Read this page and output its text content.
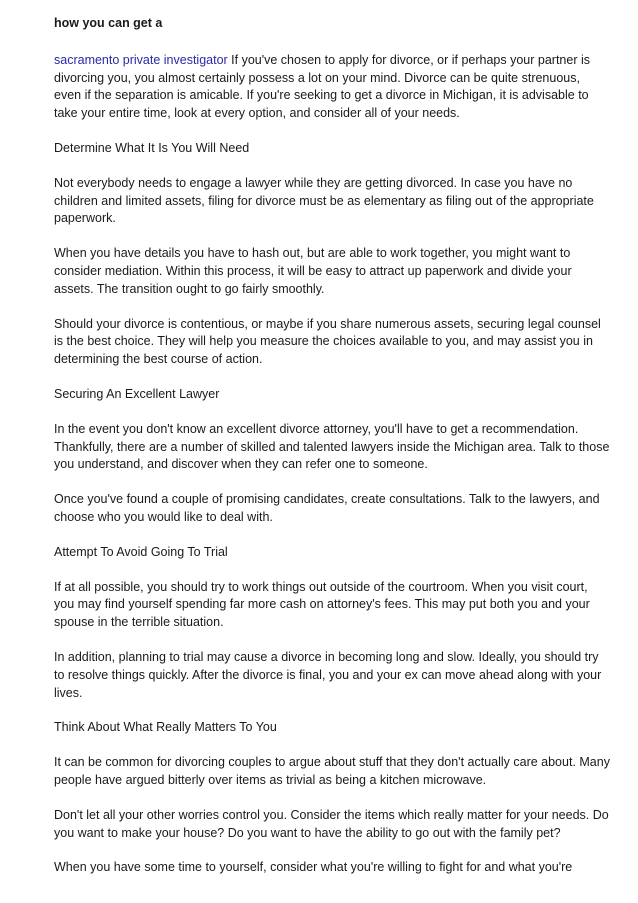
how you can get a
sacramento private investigator If you've chosen to apply for divorce, or if perhaps your partner is divorcing you, you almost certainly possess a lot on your mind. Divorce can be quite strenuous, even if the separation is amicable. If you're seeking to get a divorce in Michigan, it is advisable to take your entire time, look at every option, and consider all of your needs.
Determine What It Is You Will Need
Not everybody needs to engage a lawyer while they are getting divorced. In case you have no children and limited assets, filing for divorce must be as elementary as filing out of the appropriate paperwork.
When you have details you have to hash out, but are able to work together, you might want to consider mediation. Within this process, it will be easy to attract up paperwork and divide your assets. The transition ought to go fairly smoothly.
Should your divorce is contentious, or maybe if you share numerous assets, securing legal counsel is the best choice. They will help you measure the choices available to you, and may assist you in determining the best course of action.
Securing An Excellent Lawyer
In the event you don't know an excellent divorce attorney, you'll have to get a recommendation. Thankfully, there are a number of skilled and talented lawyers inside the Michigan area. Talk to those you understand, and discover when they can refer one to someone.
Once you've found a couple of promising candidates, create consultations. Talk to the lawyers, and choose who you would like to deal with.
Attempt To Avoid Going To Trial
If at all possible, you should try to work things out outside of the courtroom. When you visit court, you may find yourself spending far more cash on attorney's fees. This may put both you and your spouse in the terrible situation.
In addition, planning to trial may cause a divorce in becoming long and slow. Ideally, you should try to resolve things quickly. After the divorce is final, you and your ex can move ahead along with your lives.
Think About What Really Matters To You
It can be common for divorcing couples to argue about stuff that they don't actually care about. Many people have argued bitterly over items as trivial as being a kitchen microwave.
Don't let all your other worries control you. Consider the items which really matter for your needs. Do you want to make your house? Do you want to have the ability to go out with the family pet?
When you have some time to yourself, consider what you're willing to fight for and what you're
